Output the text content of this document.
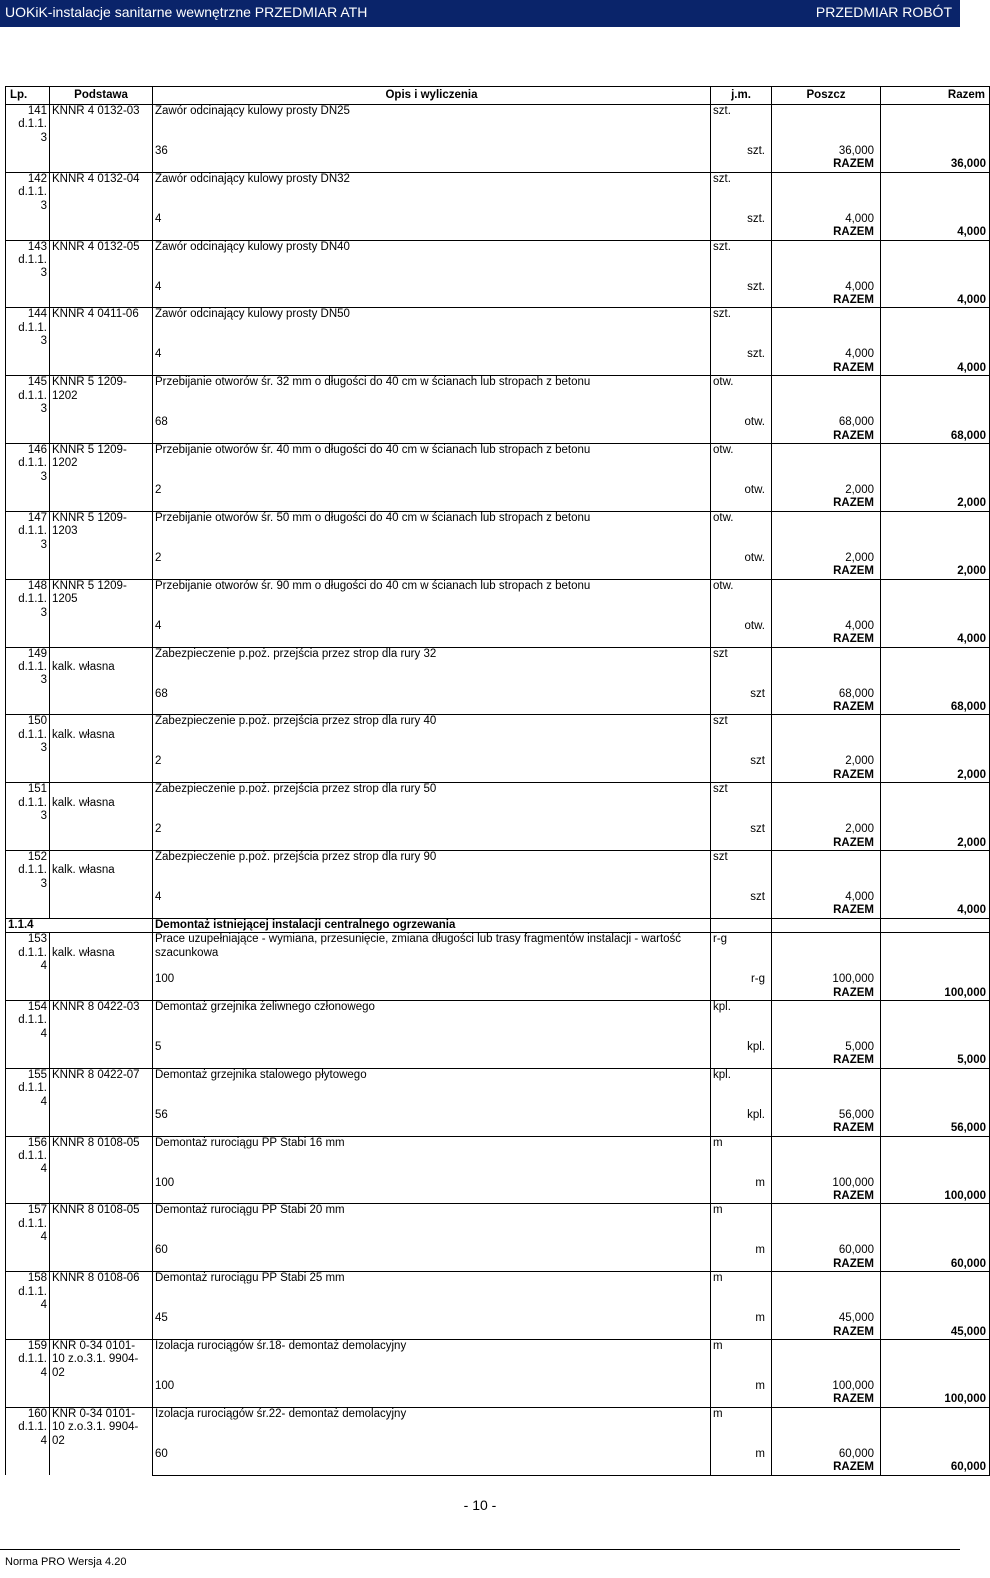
UOKiK-instalacje sanitarne wewnętrzne PRZEDMIAR ATH	PRZEDMIAR ROBÓT
Lp.	Podstawa	Opis i wyliczenia	j.m.	Poszcz	Razem
141
d.1.1.
3	KNNR 4 0132-03	Zawór odcinający kulowy prosty DN25	szt.		
		36	szt.	36,000	
				RAZEM	36,000
142
d.1.1.
3	KNNR 4 0132-04	Zawór odcinający kulowy prosty DN32	szt.		
		4	szt.	4,000	
				RAZEM	4,000
143
d.1.1.
3	KNNR 4 0132-05	Zawór odcinający kulowy prosty DN40	szt.		
		4	szt.	4,000	
				RAZEM	4,000
144
d.1.1.
3	KNNR 4 0411-06	Zawór odcinający kulowy prosty DN50	szt.		
		4	szt.	4,000	
				RAZEM	4,000
145
d.1.1.
3	KNNR 5 1209-
1202	Przebijanie otworów śr. 32 mm o długości do 40 cm w ścianach lub stropach z betonu	otw.		
		68	otw.	68,000	
				RAZEM	68,000
146
d.1.1.
3	KNNR 5 1209-
1202	Przebijanie otworów śr. 40 mm o długości do 40 cm w ścianach lub stropach z betonu	otw.		
		2	otw.	2,000	
				RAZEM	2,000
147
d.1.1.
3	KNNR 5 1209-
1203	Przebijanie otworów śr. 50 mm o długości do 40 cm w ścianach lub stropach z betonu	otw.		
		2	otw.	2,000	
				RAZEM	2,000
148
d.1.1.
3	KNNR 5 1209-
1205	Przebijanie otworów śr. 90 mm o długości do 40 cm w ścianach lub stropach z betonu	otw.		
		4	otw.	4,000	
				RAZEM	4,000
149
d.1.1.
3	
kalk. własna	Zabezpieczenie p.poż. przejścia przez strop dla rury 32	szt		
		68	szt	68,000	
				RAZEM	68,000
150
d.1.1.
3	
kalk. własna	Zabezpieczenie p.poż. przejścia przez strop dla rury 40	szt		
		2	szt	2,000	
				RAZEM	2,000
151
d.1.1.
3	
kalk. własna	Zabezpieczenie p.poż. przejścia przez strop dla rury 50	szt		
		2	szt	2,000	
				RAZEM	2,000
152
d.1.1.
3	
kalk. własna	Zabezpieczenie p.poż. przejścia przez strop dla rury 90	szt		
		4	szt	4,000	
				RAZEM	4,000
1.1.4		Demontaż istniejącej instalacji centralnego ogrzewania			
153
d.1.1.
4	
kalk. własna	Prace uzupełniające - wymiana, przesunięcie, zmiana długości lub trasy fragmentów instalacji - wartość szacunkowa	r-g		
		100	r-g	100,000	
				RAZEM	100,000
154
d.1.1.
4	KNNR 8 0422-03	Demontaż grzejnika żeliwnego członowego	kpl.		
		5	kpl.	5,000	
				RAZEM	5,000
155
d.1.1.
4	KNNR 8 0422-07	Demontaż grzejnika stalowego płytowego	kpl.		
		56	kpl.	56,000	
				RAZEM	56,000
156
d.1.1.
4	KNNR 8 0108-05	Demontaż rurociągu PP Stabi 16 mm	m		
		100	m	100,000	
				RAZEM	100,000
157
d.1.1.
4	KNNR 8 0108-05	Demontaż rurociągu PP Stabi 20 mm	m		
		60	m	60,000	
				RAZEM	60,000
158
d.1.1.
4	KNNR 8 0108-06	Demontaż rurociągu PP Stabi 25 mm	m		
		45	m	45,000	
				RAZEM	45,000
159
d.1.1.
4	KNR 0-34 0101-
10 z.o.3.1. 9904-
02	Izolacja rurociągów śr.18- demontaż demolacyjny	m		
		100	m	100,000	
				RAZEM	100,000
160
d.1.1.
4	KNR 0-34 0101-
10 z.o.3.1. 9904-
02	Izolacja rurociągów śr.22- demontaż demolacyjny	m		
		60	m	60,000	
				RAZEM	60,000
- 10 -
Norma PRO Wersja 4.20
